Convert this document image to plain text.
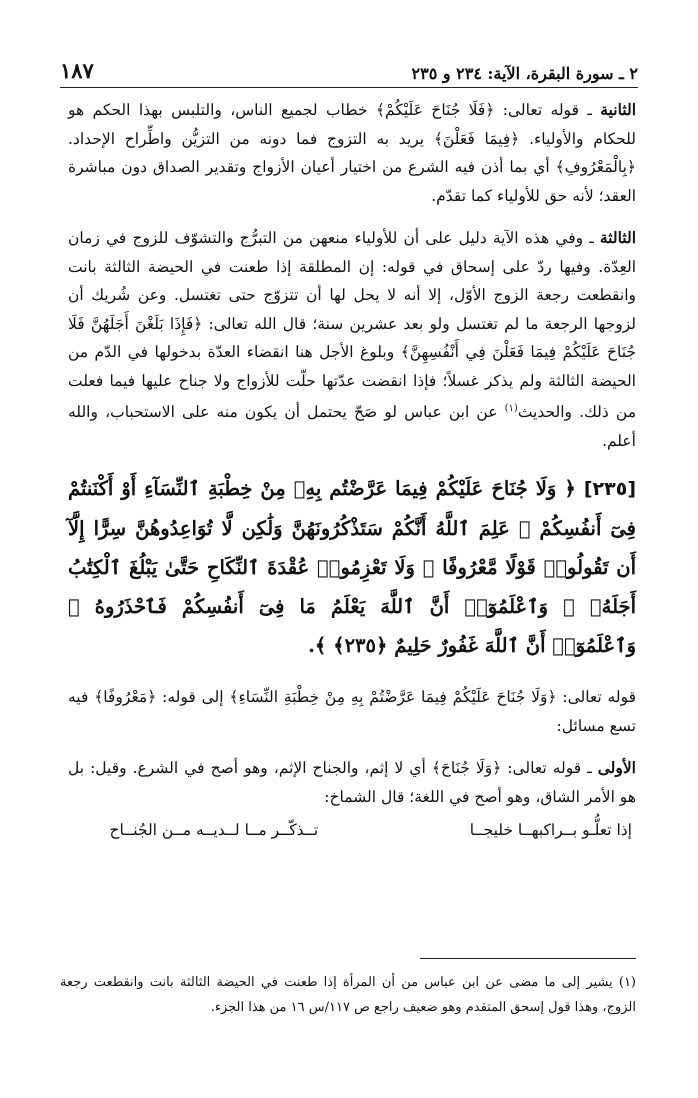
٢ ـ سورة البقرة، الآية: ٢٣٤ و ٢٣٥
١٨٧

الثانية ـ قوله تعالى: ﴿فَلَا جُنَاحَ عَلَيْكُمْ﴾ خطاب لجميع الناس، والتلبس بهذا الحكم هو للحكام والأولياء. ﴿فِيمَا فَعَلْنَ﴾ يريد به التزوج فما دونه من التزيُّن واطِّراح الإحداد. ﴿بِالْمَعْرُوفِ﴾ أي بما أذن فيه الشرع من اختيار أعيان الأزواج وتقدير الصداق دون مباشرة العقد؛ لأنه حق للأولياء كما تقدّم.

الثالثة ـ وفي هذه الآية دليل على أن للأولياء منعهن من التبرُّج والتشوّف للزوج في زمان العِدّة. وفيها ردّ على إسحاق في قوله: إن المطلقة إذا طعنت في الحيضة الثالثة بانت وانقطعت رجعة الزوج الأوّل، إلا أنه لا يحل لها أن تتزوّج حتى تغتسل. وعن شُريك أن لزوجها الرجعة ما لم تغتسل ولو بعد عشرين سنة؛ قال الله تعالى: ﴿فَإِذَا بَلَغْنَ أَجَلَهُنَّ فَلَا جُنَاحَ عَلَيْكُمْ فِيمَا فَعَلْنَ فِي أَنْفُسِهِنَّ﴾ وبلوغ الأجل هنا انقضاء العدّة بدخولها في الدّم من الحيضة الثالثة ولم يذكر غسلاً؛ فإذا انقضت عدّتها حلّت للأزواج ولا جناح عليها فيما فعلت من ذلك. والحديث$^{(١)}$ عن ابن عباس لو صَحّ يحتمل أن يكون منه على الاستحباب، والله أعلم.

[٢٣٥] ﴿ وَلَا جُنَاحَ عَلَيْكُمْ فِيمَا عَرَّضْتُم بِهِۦ مِنْ خِطْبَةِ ٱلنِّسَآءِ أَوْ أَكْنَنتُمْ فِىٓ أَنفُسِكُمْ ۚ عَلِمَ ٱللَّهُ أَنَّكُمْ سَتَذْكُرُونَهُنَّ وَلَٰكِن لَّا تُوَاعِدُوهُنَّ سِرًّا إِلَّآ أَن تَقُولُوا۟ قَوْلًا مَّعْرُوفًا ۚ وَلَا تَعْزِمُوا۟ عُقْدَةَ ٱلنِّكَاحِ حَتَّىٰ يَبْلُغَ ٱلْكِتَٰبُ أَجَلَهُۥ ۚ وَٱعْلَمُوٓا۟ أَنَّ ٱللَّهَ يَعْلَمُ مَا فِىٓ أَنفُسِكُمْ فَٱحْذَرُوهُ ۚ وَٱعْلَمُوٓا۟ أَنَّ ٱللَّهَ غَفُورٌ حَلِيمٌ ﴿٢٣٥﴾ ﴾.

قوله تعالى: ﴿وَلَا جُنَاحَ عَلَيْكُمْ فِيمَا عَرَّضْتُمْ بِهِ مِنْ خِطْبَةِ النِّسَاءِ﴾ إلى قوله: ﴿مَعْرُوفًا﴾ فيه تسع مسائل:

الأولى ـ قوله تعالى: ﴿وَلَا جُنَاحَ﴾ أي لا إثم، والجناح الإثم، وهو أصح في الشرع. وقيل: بل هو الأمر الشاق، وهو أصح في اللغة؛ قال الشماخ:

إذا تعلُّـو بــراكبهــا خليجــا
تــذكّــر مــا لــديــه مــن الجُنــاح
(١) يشير إلى ما مضى عن ابن عباس من أن المرأة إذا طعنت في الحيضة الثالثة بانت وانقطعت رجعة الزوج، وهذا قول إسحق المتقدم وهو ضعيف راجع ص ١١٧/س ١٦ من هذا الجزء.
